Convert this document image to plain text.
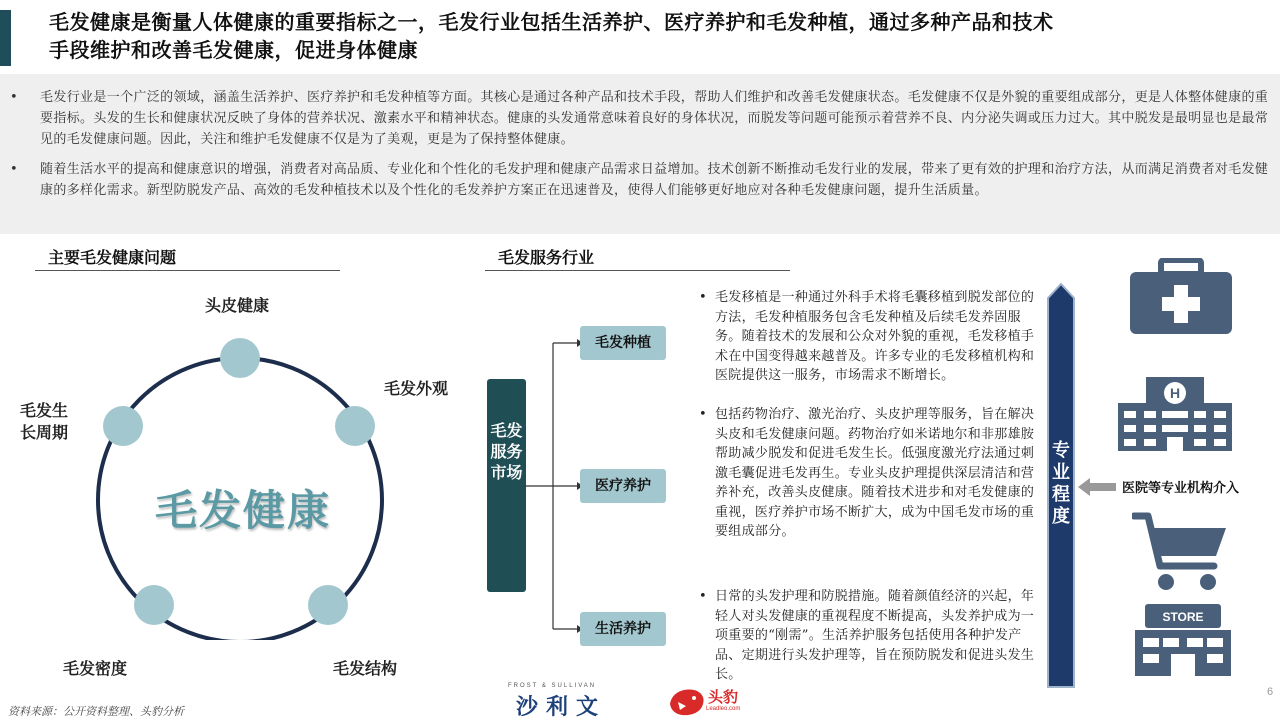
毛发健康是衡量人体健康的重要指标之一，毛发行业包括生活养护、医疗养护和毛发种植，通过多种产品和技术
手段维护和改善毛发健康，促进身体健康
• 毛发行业是一个广泛的领域，涵盖生活养护、医疗养护和毛发种植等方面。其核心是通过各种产品和技术手段，帮助人们维护和改善毛发健康状态。毛发健康不仅是外貌的重要组成部分，更是人体整体健康的重要指标。头发的生长和健康状况反映了身体的营养状况、激素水平和精神状态。健康的头发通常意味着良好的身体状况，而脱发等问题可能预示着营养不良、内分泌失调或压力过大。其中脱发是最明显也是最常见的毛发健康问题。因此，关注和维护毛发健康不仅是为了美观，更是为了保持整体健康。
• 随着生活水平的提高和健康意识的增强，消费者对高品质、专业化和个性化的毛发护理和健康产品需求日益增加。技术创新不断推动毛发行业的发展，带来了更有效的护理和治疗方法，从而满足消费者对毛发健康的多样化需求。新型防脱发产品、高效的毛发种植技术以及个性化的毛发养护方案正在迅速普及，使得人们能够更好地应对各种毛发健康问题，提升生活质量。
主要毛发健康问题
头皮健康
毛发外观
毛发生长周期
毛发密度	毛发结构
毛发健康
毛发服务行业
毛发服务市场
毛发种植
医疗养护
生活养护
• 毛发移植是一种通过外科手术将毛囊移植到脱发部位的方法，毛发种植服务包含毛发种植及后续毛发养固服务。随着技术的发展和公众对外貌的重视，毛发移植手术在中国变得越来越普及。许多专业的毛发移植机构和医院提供这一服务，市场需求不断增长。
• 包括药物治疗、激光治疗、头皮护理等服务，旨在解决头皮和毛发健康问题。药物治疗如米诺地尔和非那雄胺帮助减少脱发和促进毛发生长。低强度激光疗法通过刺激毛囊促进毛发再生。专业头皮护理提供深层清洁和营养补充，改善头皮健康。随着技术进步和对毛发健康的重视，医疗养护市场不断扩大，成为中国毛发市场的重要组成部分。
• 日常的头发护理和防脱措施。随着颜值经济的兴起，年轻人对头发健康的重视程度不断提高，头发养护成为一项重要的“刚需”。生活养护服务包括使用各种护发产品、定期进行头发护理等，旨在预防脱发和促进头发生长。
专业程度
医院等专业机构介入
H
STORE
资料来源：公开资料整理、头豹分析
FROST & SULLIVAN
沙利文	头豹
Leadleo.com
6
